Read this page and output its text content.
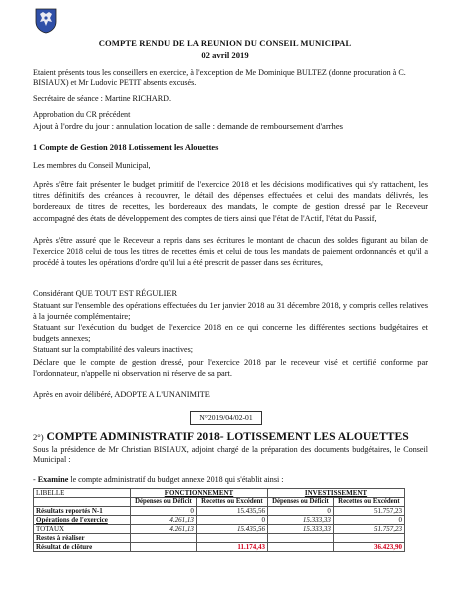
COMPTE RENDU DE LA REUNION DU CONSEIL MUNICIPAL
02 avril 2019
Etaient présents tous les conseillers en exercice, à l'exception de Me Dominique BULTEZ (donne procuration à C. BISIAUX) et Mr Ludovic PETIT absents excusés.
Secrétaire de séance : Martine RICHARD.
Approbation du CR précédent
Ajout à l'ordre du jour : annulation location de salle : demande de remboursement d'arrhes
1 Compte de Gestion 2018 Lotissement les Alouettes
Les membres du Conseil Municipal,
Après s'être fait présenter le budget primitif de l'exercice 2018 et les décisions modificatives qui s'y rattachent, les titres définitifs des créances à recouvrer, le détail des dépenses effectuées et celui des mandats délivrés, les bordereaux de titres de recettes, les bordereaux des mandats, le compte de gestion dressé par le Receveur accompagné des états de développement des comptes de tiers ainsi que l'état de l'Actif, l'état du Passif,
Après s'être assuré que le Receveur a repris dans ses écritures le montant de chacun des soldes figurant au bilan de l'exercice 2018 celui de tous les titres de recettes émis et celui de tous les mandats de paiement ordonnancés et qu'il a procédé à toutes les opérations d'ordre qu'il lui a été prescrit de passer dans ses écritures,
Considérant QUE TOUT EST RÉGULIER
Statuant sur l'ensemble des opérations effectuées du 1er janvier 2018 au 31 décembre 2018, y compris celles relatives à la journée complémentaire;
Statuant sur l'exécution du budget de l'exercice 2018 en ce qui concerne les différentes sections budgétaires et budgets annexes;
Statuant sur la comptabilité des valeurs inactives;
Déclare que le compte de gestion dressé, pour l'exercice 2018 par le receveur visé et certifié conforme par l'ordonnateur, n'appelle ni observation ni réserve de sa part.
Après en avoir délibéré, ADOPTE A L'UNANIMITE
N°2019/04/02-01
2°) COMPTE ADMINISTRATIF 2018- LOTISSEMENT LES ALOUETTES
Sous la présidence de Mr Christian BISIAUX, adjoint chargé de la préparation des documents budgétaires, le Conseil Municipal :
- Examine le compte administratif du budget annexe 2018 qui s'établit ainsi :
LIBELLE	FONCTIONNEMENT		INVESTISSEMENT	
	Dépenses ou Déficit	Recettes ou Excédent	Dépenses ou Déficit	Recettes ou Excédent
Résultats reportés N-1	0	15.435,56	0	51.757,23
Opérations de l'exercice	4.261,13	0	15.333,33	0
TOTAUX	4.261,13	15.435,56	15.333,33	51.757,23
Restes à réaliser				
Résultat de clôture		11.174,43		36.423,90
